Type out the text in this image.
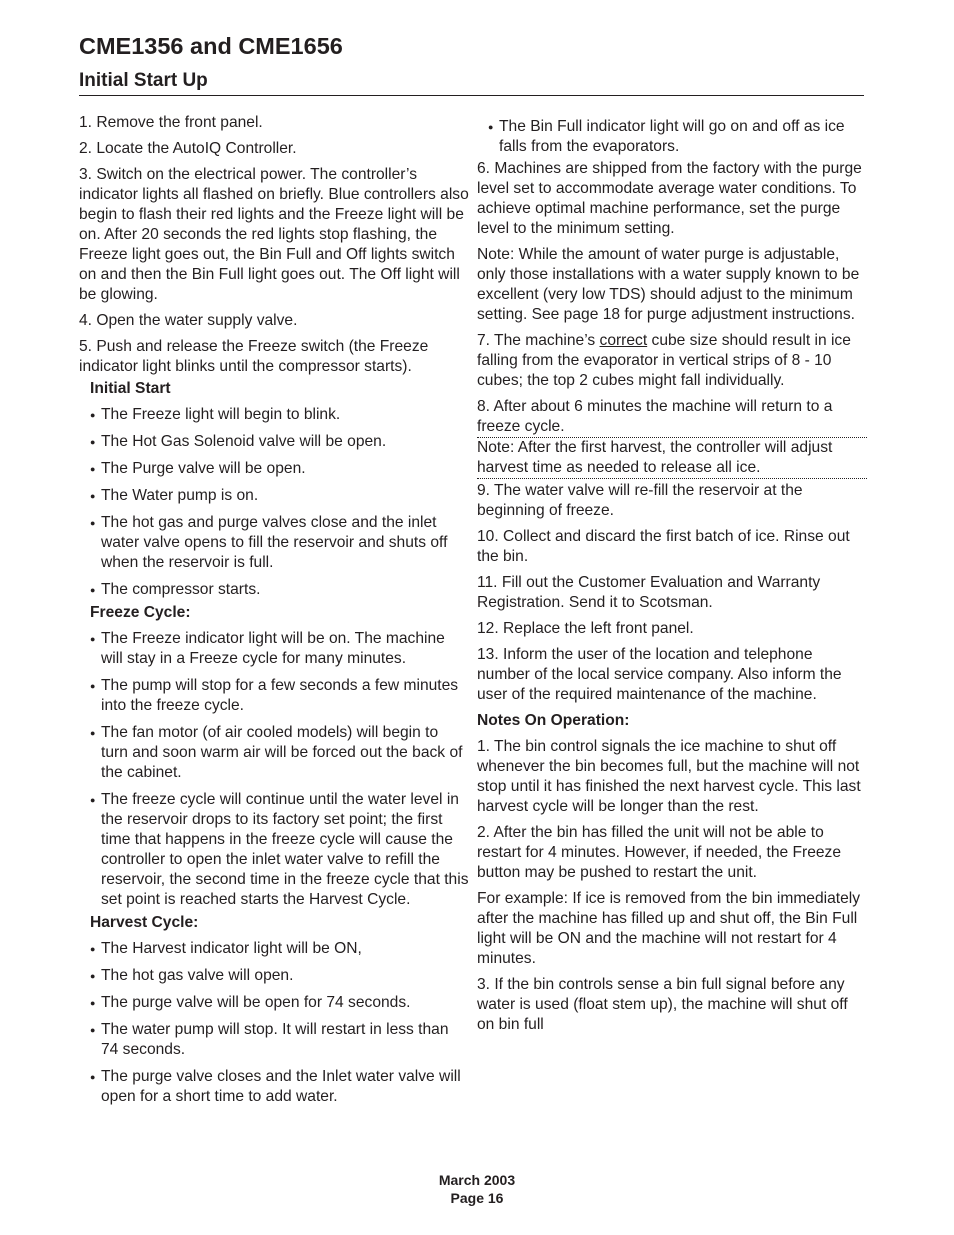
CME1356 and CME1656
Initial Start Up

1. Remove the front panel.

2. Locate the AutoIQ Controller.

3. Switch on the electrical power. The controller’s indicator lights all flashed on briefly. Blue controllers also begin to flash their red lights and the Freeze light will be on. After 20 seconds the red lights stop flashing, the Freeze light goes out, the Bin Full and Off lights switch on and then the Bin Full light goes out. The Off light will be glowing.

4. Open the water supply valve.

5. Push and release the Freeze switch (the Freeze indicator light blinks until the compressor starts).

Initial Start

● The Freeze light will begin to blink.

● The Hot Gas Solenoid valve will be open.

● The Purge valve will be open.

● The Water pump is on.

● The hot gas and purge valves close and the inlet water valve opens to fill the reservoir and shuts off when the reservoir is full.

● The compressor starts.

Freeze Cycle:

● The Freeze indicator light will be on. The machine will stay in a Freeze cycle for many minutes.

● The pump will stop for a few seconds a few minutes into the freeze cycle.

● The fan motor (of air cooled models) will begin to turn and soon warm air will be forced out the back of the cabinet.

● The freeze cycle will continue until the water level in the reservoir drops to its factory set point; the first time that happens in the freeze cycle will cause the controller to open the inlet water valve to refill the reservoir, the second time in the freeze cycle that this set point is reached starts the Harvest Cycle.

Harvest Cycle:

● The Harvest indicator light will be ON,

● The hot gas valve will open.

● The purge valve will be open for 74 seconds.

● The water pump will stop. It will restart in less than 74 seconds.

● The purge valve closes and the Inlet water valve will open for a short time to add water.

● The Bin Full indicator light will go on and off as ice falls from the evaporators.

6. Machines are shipped from the factory with the purge level set to accommodate average water conditions. To achieve optimal machine performance, set the purge level to the minimum setting.

Note: While the amount of water purge is adjustable, only those installations with a water supply known to be excellent (very low TDS) should adjust to the minimum setting. See page 18 for purge adjustment instructions.

7. The machine’s correct cube size should result in ice falling from the evaporator in vertical strips of 8 - 10 cubes; the top 2 cubes might fall individually.

8. After about 6 minutes the machine will return to a freeze cycle.

Note: After the first harvest, the controller will adjust harvest time as needed to release all ice.

9. The water valve will re-fill the reservoir at the beginning of freeze.

10. Collect and discard the first batch of ice. Rinse out the bin.

11. Fill out the Customer Evaluation and Warranty Registration. Send it to Scotsman.

12. Replace the left front panel.

13. Inform the user of the location and telephone number of the local service company. Also inform the user of the required maintenance of the machine.

Notes On Operation:

1. The bin control signals the ice machine to shut off whenever the bin becomes full, but the machine will not stop until it has finished the next harvest cycle. This last harvest cycle will be longer than the rest.

2. After the bin has filled the unit will not be able to restart for 4 minutes. However, if needed, the Freeze button may be pushed to restart the unit.

For example: If ice is removed from the bin immediately after the machine has filled up and shut off, the Bin Full light will be ON and the machine will not restart for 4 minutes.

3. If the bin controls sense a bin full signal before any water is used (float stem up), the machine will shut off on bin full

March 2003
Page 16
